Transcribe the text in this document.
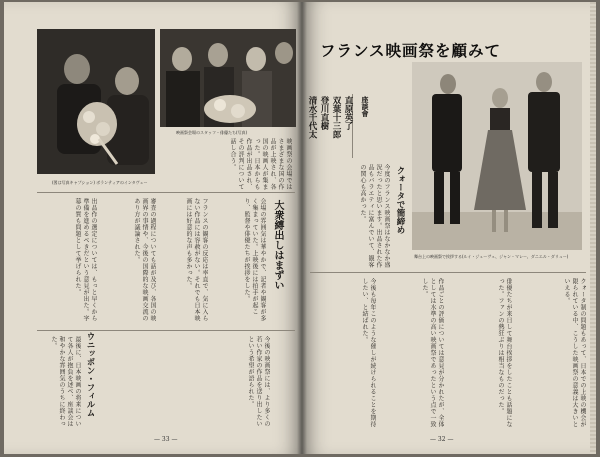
(図は写真キャプション) ボランティアのインタヴュー
映画祭会場のスタッフ・俳優たち(写真)
映画祭の会場ではさまざまな国の作品が上映され、各国の映画人が集まった。日本からも作品が出品され、その評判について話し合う。
会場の雰囲気は華やかで、記者や観客が多く集まっていた。上映後には拍手が起こり、監督や俳優たちが挨拶をした。	大衆縛出しはまずい
フランスの観客の反応は率直で、気に入らない作品には容赦がない。それでも日本映画には好意的な声も多かった。
審査の過程についても話が及び、各国の映画界の事情や、今後の国際的な映画交流のあり方が議論された。
出品作の選定については、もっと早くから準備を進めるべきだという意見が出た。字幕の質も問題として挙げられた。
今後の映画祭には、より多くの若い作家の作品を送り出したいという希望が語られた。
ウニッポン・フィルム
最後に、日本映画の将来について各人が抱負を述べ、座談会は和やかな雰囲気のうちに終わった。
— 33 —
フランス映画祭を顧みて
座談會
直原英了
双葉十三郎
登川直樹
清水千代太
舞台上の映画祭で挨拶する(ルイ・ジューヴェ、ジャン・マレー、ダニエル・ダリュー)
クォータで簡締め
今度のフランス映画祭はなかなか盛況だったと思います。出品された作品もバラエティに富んでいて、観客の関心も高かった。
クォータ制の問題もあって、日本での上映の機会が限られている中、こうした映画祭の意義は大きいといえる。
俳優たちが来日して舞台挨拶をしたことも話題になった。ファンの熱狂ぶりは相当なものだった。
作品ごとの評価については意見が分かれたが、全体としては水準の高い映画祭であったという点で一致した。
今後も毎年このような催しが続けられることを期待したい、と結ばれた。
— 32 —
